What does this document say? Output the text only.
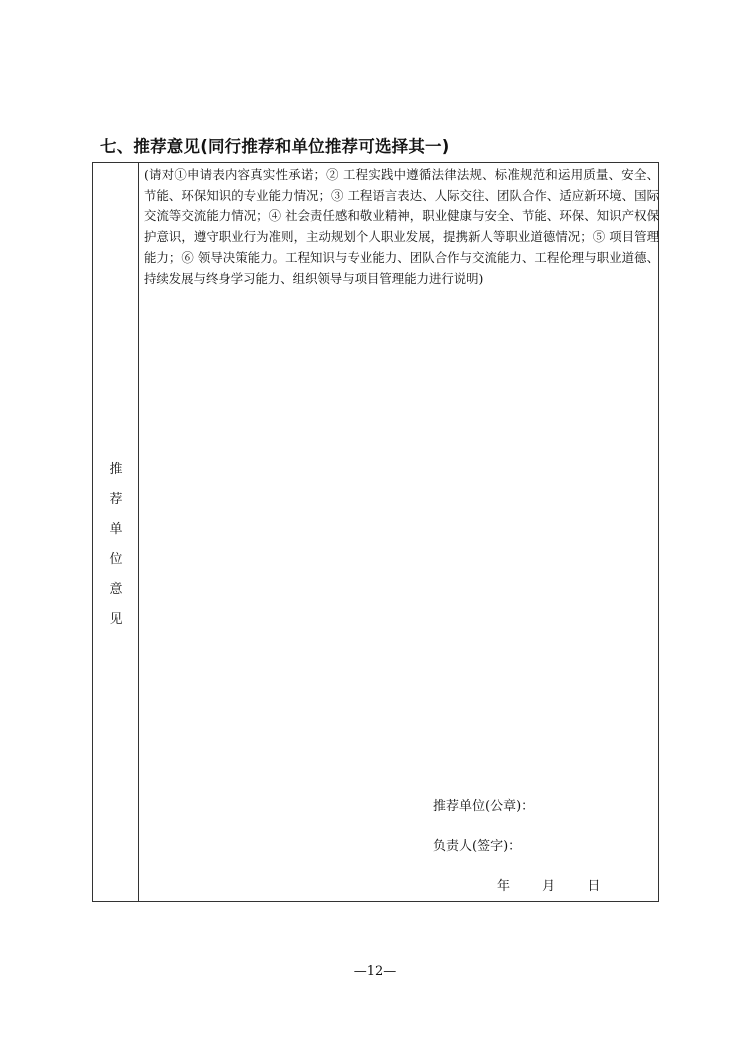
七、推荐意见(同行推荐和单位推荐可选择其一)
推
荐
单
位
意
见
(请对①申请表内容真实性承诺；② 工程实践中遵循法律法规、标准规范和运用质量、安全、节能、环保知识的专业能力情况；③ 工程语言表达、人际交往、团队合作、适应新环境、国际交流等交流能力情况；④ 社会责任感和敬业精神，职业健康与安全、节能、环保、知识产权保护意识，遵守职业行为准则，主动规划个人职业发展，提携新人等职业道德情况；⑤ 项目管理能力；⑥ 领导决策能力。工程知识与专业能力、团队合作与交流能力、工程伦理与职业道德、持续发展与终身学习能力、组织领导与项目管理能力进行说明)
推荐单位(公章)：
负责人(签字)：
年 月 日
—12—
